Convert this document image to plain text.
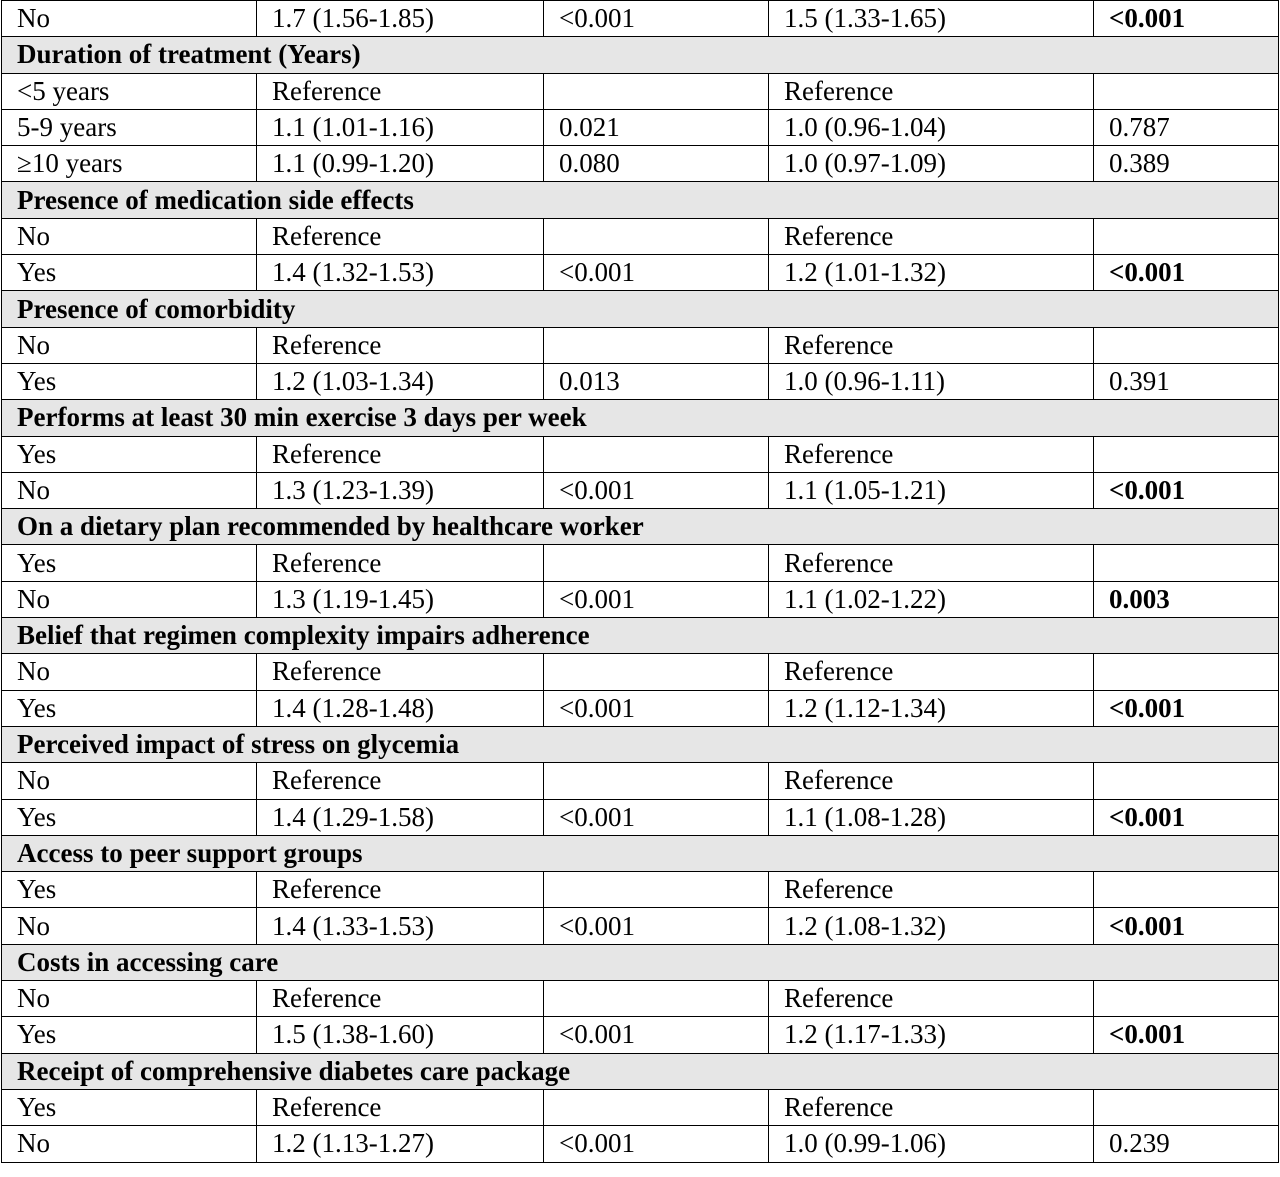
No	1.7 (1.56-1.85)	<0.001	1.5 (1.33-1.65)	<0.001
Duration of treatment (Years)				
<5 years	Reference		Reference	
5-9 years	1.1 (1.01-1.16)	0.021	1.0 (0.96-1.04)	0.787
≥10 years	1.1 (0.99-1.20)	0.080	1.0 (0.97-1.09)	0.389
Presence of medication side effects				
No	Reference		Reference	
Yes	1.4 (1.32-1.53)	<0.001	1.2 (1.01-1.32)	<0.001
Presence of comorbidity				
No	Reference		Reference	
Yes	1.2 (1.03-1.34)	0.013	1.0 (0.96-1.11)	0.391
Performs at least 30 min exercise 3 days per week				
Yes	Reference		Reference	
No	1.3 (1.23-1.39)	<0.001	1.1 (1.05-1.21)	<0.001
On a dietary plan recommended by healthcare worker				
Yes	Reference		Reference	
No	1.3 (1.19-1.45)	<0.001	1.1 (1.02-1.22)	0.003
Belief that regimen complexity impairs adherence				
No	Reference		Reference	
Yes	1.4 (1.28-1.48)	<0.001	1.2 (1.12-1.34)	<0.001
Perceived impact of stress on glycemia				
No	Reference		Reference	
Yes	1.4 (1.29-1.58)	<0.001	1.1 (1.08-1.28)	<0.001
Access to peer support groups				
Yes	Reference		Reference	
No	1.4 (1.33-1.53)	<0.001	1.2 (1.08-1.32)	<0.001
Costs in accessing care				
No	Reference		Reference	
Yes	1.5 (1.38-1.60)	<0.001	1.2 (1.17-1.33)	<0.001
Receipt of comprehensive diabetes care package				
Yes	Reference		Reference	
No	1.2 (1.13-1.27)	<0.001	1.0 (0.99-1.06)	0.239
